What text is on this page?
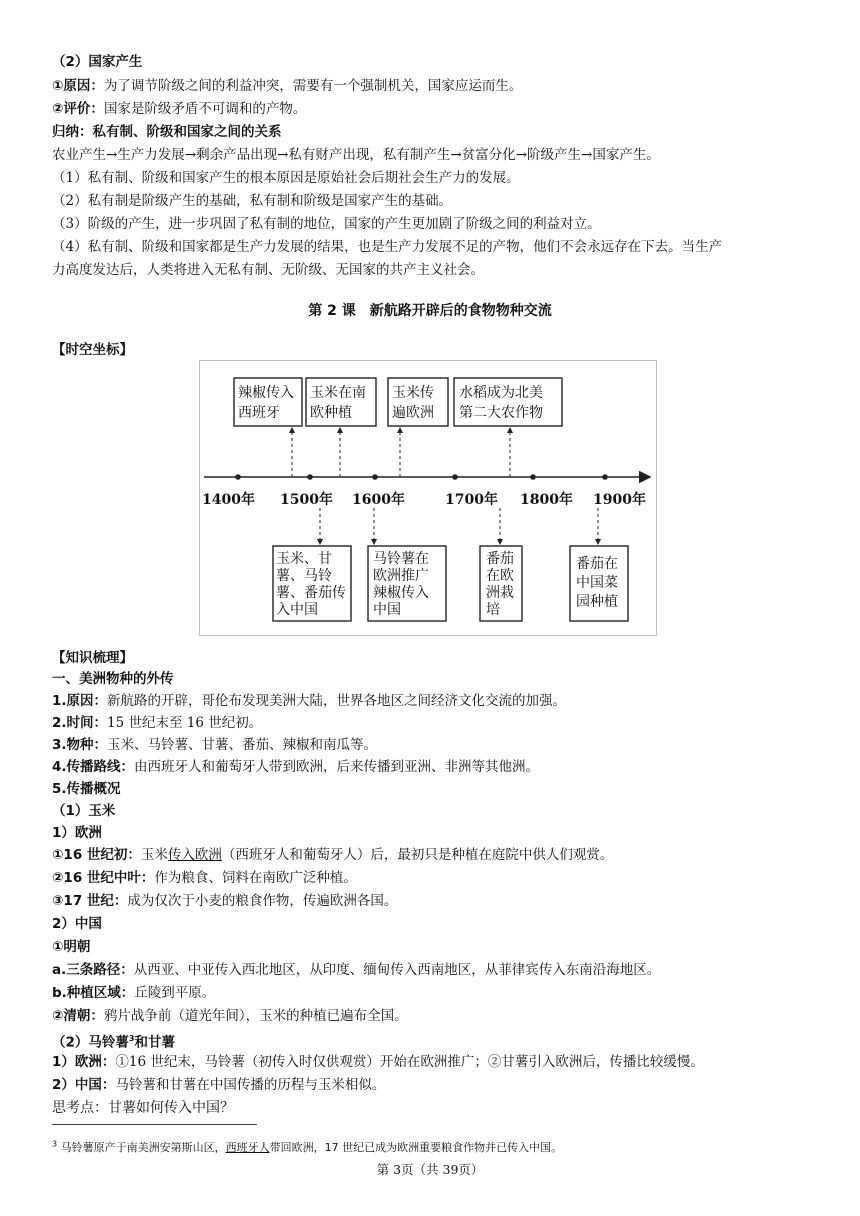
（2）国家产生
①原因：为了调节阶级之间的利益冲突，需要有一个强制机关，国家应运而生。
②评价：国家是阶级矛盾不可调和的产物。
归纳：私有制、阶级和国家之间的关系
农业产生→生产力发展→剩余产品出现→私有财产出现，私有制产生→贫富分化→阶级产生→国家产生。
（1）私有制、阶级和国家产生的根本原因是原始社会后期社会生产力的发展。
（2）私有制是阶级产生的基础，私有制和阶级是国家产生的基础。
（3）阶级的产生，进一步巩固了私有制的地位，国家的产生更加剧了阶级之间的利益对立。
（4）私有制、阶级和国家都是生产力发展的结果，也是生产力发展不足的产物，他们不会永远存在下去。当生产
力高度发达后，人类将进入无私有制、无阶级、无国家的共产主义社会。
第 2 课　新航路开辟后的食物物种交流
【时空坐标】
1400年 1500年 1600年	1700年 1800年 1900年
辣椒传入
西班牙
玉米在南
欧种植
玉米传
遍欧洲
水稻成为北美
第二大农作物
玉米、甘
薯、马铃
薯、番茄传
入中国
马铃薯在
欧洲推广
辣椒传入
中国
番茄
在欧
洲栽
培
番茄在
中国菜
园种植
【知识梳理】
一、美洲物种的外传
1.原因：新航路的开辟，哥伦布发现美洲大陆，世界各地区之间经济文化交流的加强。
2.时间：15 世纪末至 16 世纪初。
3.物种：玉米、马铃薯、甘薯、番茄、辣椒和南瓜等。
4.传播路线：由西班牙人和葡萄牙人带到欧洲，后来传播到亚洲、非洲等其他洲。
5.传播概况
（1）玉米
1）欧洲
①16 世纪初：玉米传入欧洲（西班牙人和葡萄牙人）后，最初只是种植在庭院中供人们观赏。
②16 世纪中叶：作为粮食、饲料在南欧广泛种植。
③17 世纪：成为仅次于小麦的粮食作物，传遍欧洲各国。
2）中国
①明朝
a.三条路径：从西亚、中亚传入西北地区，从印度、缅甸传入西南地区，从菲律宾传入东南沿海地区。
b.种植区域：丘陵到平原。
②清朝：鸦片战争前（道光年间），玉米的种植已遍布全国。
（2）马铃薯$^3$和甘薯
1）欧洲：①16 世纪末，马铃薯（初传入时仅供观赏）开始在欧洲推广；②甘薯引入欧洲后，传播比较缓慢。
2）中国：马铃薯和甘薯在中国传播的历程与玉米相似。
思考点：甘薯如何传入中国？
$^3$ 马铃薯原产于南美洲安第斯山区，西班牙人带回欧洲，17 世纪已成为欧洲重要粮食作物并已传入中国。
第 3页（共 39页）
